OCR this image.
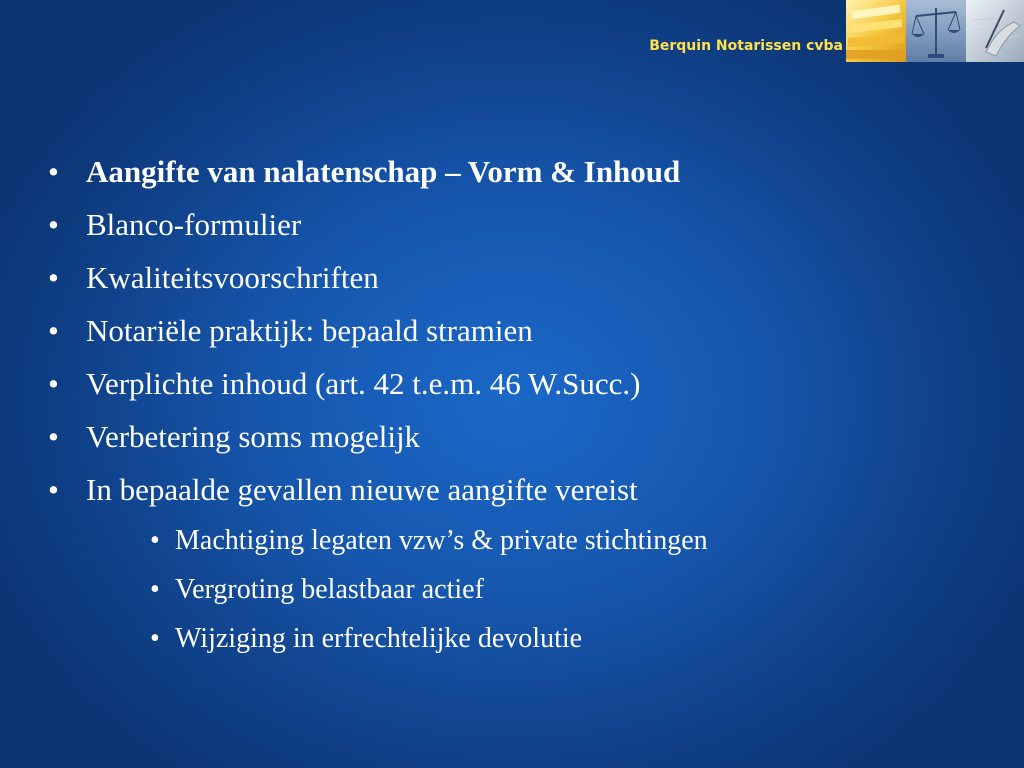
Berquin Notarissen cvba
• Aangifte van nalatenschap – Vorm & Inhoud
• Blanco-formulier
• Kwaliteitsvoorschriften
• Notariële praktijk: bepaald stramien
• Verplichte inhoud (art. 42 t.e.m. 46 W.Succ.)
• Verbetering soms mogelijk
• In bepaalde gevallen nieuwe aangifte vereist
• Machtiging legaten vzw’s & private stichtingen
• Vergroting belastbaar actief
• Wijziging in erfrechtelijke devolutie
